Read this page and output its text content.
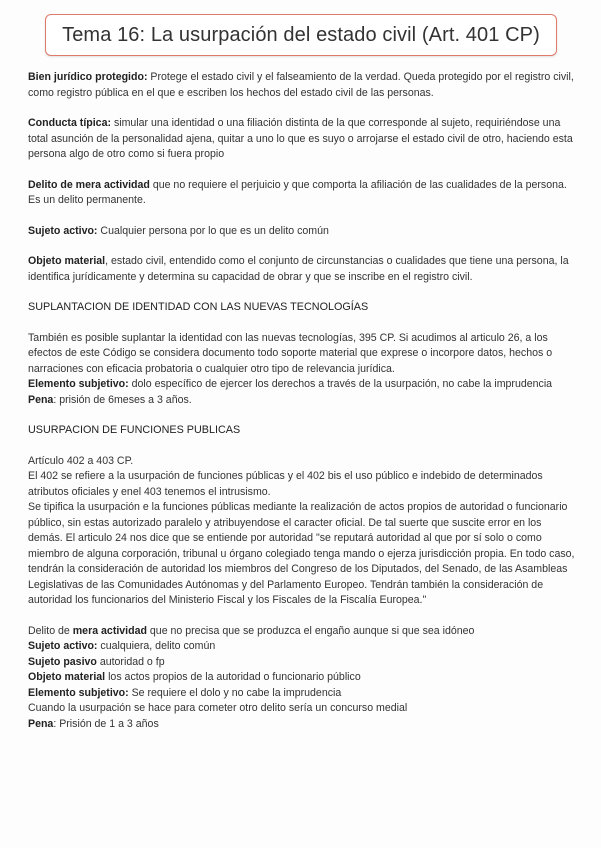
Tema 16: La usurpación del estado civil (Art. 401 CP)

Bien jurídico protegido: Protege el estado civil y el falseamiento de la verdad. Queda protegido por el registro civil, como registro pública en el que e escriben los hechos del estado civil de las personas.

Conducta típica: simular una identidad o una filiación distinta de la que corresponde al sujeto, requiriéndose una total asunción de la personalidad ajena, quitar a uno lo que es suyo o arrojarse el estado civil de otro, haciendo esta persona algo de otro como si fuera propio

Delito de mera actividad que no requiere el perjuicio y que comporta la afiliación de las cualidades de la persona. Es un delito permanente.

Sujeto activo: Cualquier persona por lo que es un delito común

Objeto material, estado civil, entendido como el conjunto de circunstancias o cualidades que tiene una persona, la identifica jurídicamente y determina su capacidad de obrar y que se inscribe en el registro civil.

SUPLANTACION DE IDENTIDAD CON LAS NUEVAS TECNOLOGÍAS

También es posible suplantar la identidad con las nuevas tecnologías, 395 CP. Si acudimos al articulo 26, a los efectos de este Código se considera documento todo soporte material que exprese o incorpore datos, hechos o narraciones con eficacia probatoria o cualquier otro tipo de relevancia jurídica.

Elemento subjetivo: dolo específico de ejercer los derechos a través de la usurpación, no cabe la imprudencia

Pena: prisión de 6meses a 3 años.

USURPACION DE FUNCIONES PUBLICAS

Artículo 402 a 403 CP.

El 402 se refiere a la usurpación de funciones públicas y el 402 bis el uso público e indebido de determinados atributos oficiales y enel 403 tenemos el intrusismo.

Se tipifica la usurpación e la funciones públicas mediante la realización de actos propios de autoridad o funcionario público, sin estas autorizado paralelo y atribuyendose el caracter oficial. De tal suerte que suscite error en los demás. El articulo 24 nos dice que se entiende por autoridad "se reputará autoridad al que por sí solo o como miembro de alguna corporación, tribunal u órgano colegiado tenga mando o ejerza jurisdicción propia. En todo caso, tendrán la consideración de autoridad los miembros del Congreso de los Diputados, del Senado, de las Asambleas Legislativas de las Comunidades Autónomas y del Parlamento Europeo. Tendrán también la consideración de autoridad los funcionarios del Ministerio Fiscal y los Fiscales de la Fiscalía Europea."

Delito de mera actividad que no precisa que se produzca el engaño aunque si que sea idóneo

Sujeto activo: cualquiera, delito común

Sujeto pasivo autoridad o fp

Objeto material los actos propios de la autoridad o funcionario público

Elemento subjetivo: Se requiere el dolo y no cabe la imprudencia

Cuando la usurpación se hace para cometer otro delito sería un concurso medial

Pena: Prisión de 1 a 3 años
